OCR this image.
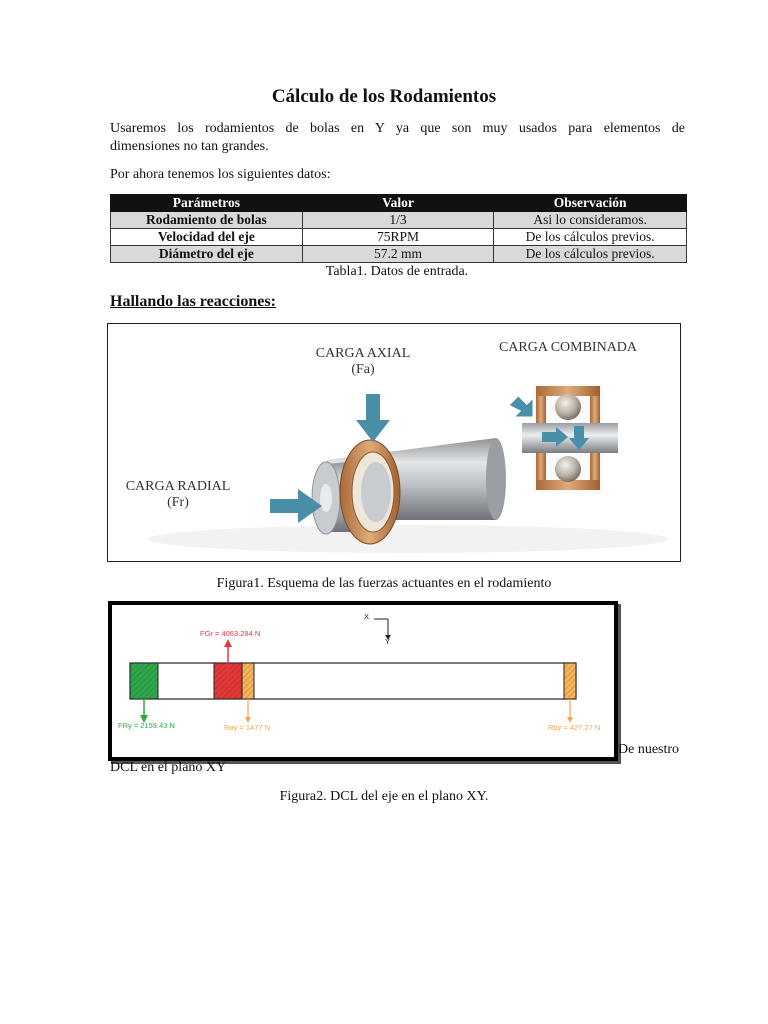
Cálculo de los Rodamientos
Usaremos los rodamientos de bolas en Y ya que son muy usados para elementos de
dimensiones no tan grandes.
Por ahora tenemos los siguientes datos:
Parámetros	Valor	Observación
Rodamiento de bolas	1/3	Asi lo consideramos.
Velocidad del eje	75RPM	De los cálculos previos.
Diámetro del eje	57.2 mm	De los cálculos previos.
Tabla1. Datos de entrada.
Hallando las reacciones:
CARGA AXIAL
(Fa)
CARGA COMBINADA
CARGA RADIAL
(Fr)
Figura1. Esquema de las fuerzas actuantes en el rodamiento
X
Y
FGr = 4063.284 N
FRy = 2159.43 N	Ray = 1477 N	Rby = 427.27 N
De nuestro
DCL en el plano XY
Figura2. DCL del eje en el plano XY.
